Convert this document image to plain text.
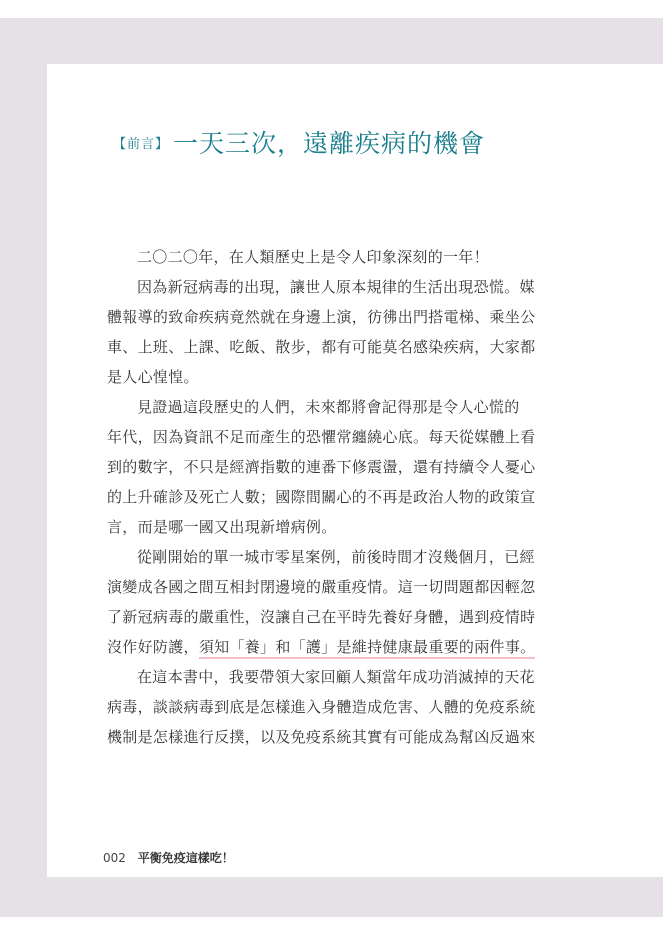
【前言】 一天三次，遠離疾病的機會

二〇二〇年，在人類歷史上是令人印象深刻的一年！

因為新冠病毒的出現，讓世人原本規律的生活出現恐慌。媒
體報導的致命疾病竟然就在身邊上演，彷彿出門搭電梯、乘坐公
車、上班、上課、吃飯、散步，都有可能莫名感染疾病，大家都
是人心惶惶。

見證過這段歷史的人們，未來都將會記得那是令人心慌的
年代，因為資訊不足而產生的恐懼常纏繞心底。每天從媒體上看
到的數字，不只是經濟指數的連番下修震盪，還有持續令人憂心
的上升確診及死亡人數；國際間關心的不再是政治人物的政策宣
言，而是哪一國又出現新增病例。

從剛開始的單一城市零星案例，前後時間才沒幾個月，已經
演變成各國之間互相封閉邊境的嚴重疫情。這一切問題都因輕忽
了新冠病毒的嚴重性，沒讓自己在平時先養好身體，遇到疫情時
沒作好防護，須知「養」和「護」是維持健康最重要的兩件事。

在這本書中，我要帶領大家回顧人類當年成功消滅掉的天花
病毒，談談病毒到底是怎樣進入身體造成危害、人體的免疫系統
機制是怎樣進行反撲，以及免疫系統其實有可能成為幫凶反過來

002 平衡免疫這樣吃！
